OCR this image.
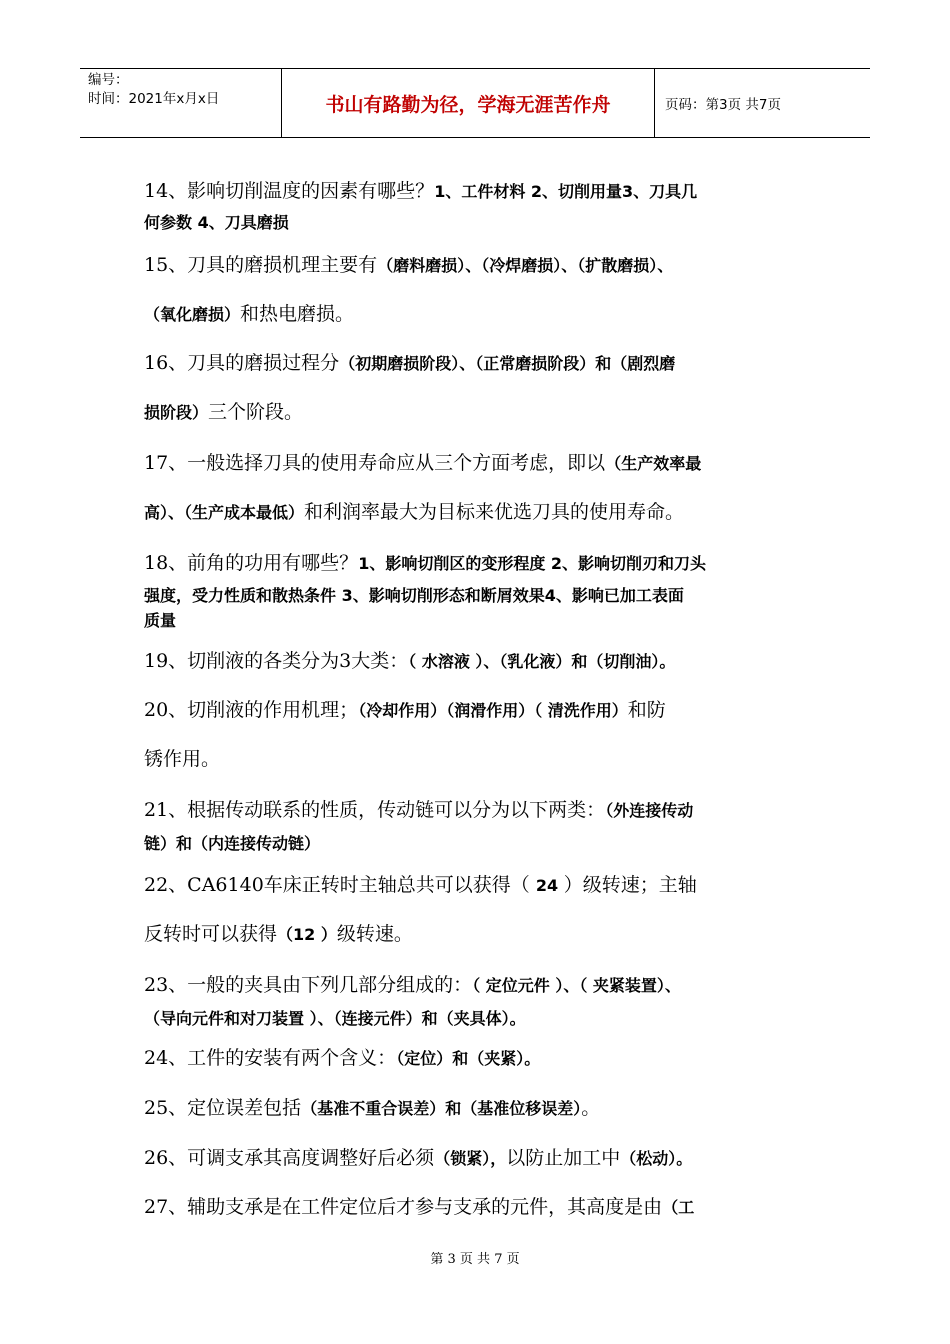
编号：
时间：2021年x月x日	书山有路勤为径，学海无涯苦作舟	页码：第3页 共7页
14、影响切削温度的因素有哪些？1、工件材料 2、切削用量3、刀具几
何参数 4、刀具磨损
15、刀具的磨损机理主要有（磨料磨损）、（冷焊磨损）、（扩散磨损）、
（氧化磨损）和热电磨损。
16、刀具的磨损过程分（初期磨损阶段）、（正常磨损阶段）和（剧烈磨
损阶段）三个阶段。
17、一般选择刀具的使用寿命应从三个方面考虑，即以（生产效率最
高）、（生产成本最低）和利润率最大为目标来优选刀具的使用寿命。
18、前角的功用有哪些？1、影响切削区的变形程度 2、影响切削刃和刀头
强度，受力性质和散热条件 3、影响切削形态和断屑效果4、影响已加工表面
质量
19、切削液的各类分为3大类：（ 水溶液 ）、（乳化液）和（切削油）。
20、切削液的作用机理；（冷却作用）（润滑作用）（ 清洗作用）和防
锈作用。
21、根据传动联系的性质，传动链可以分为以下两类：（外连接传动
链）和（内连接传动链）
22、CA6140车床正转时主轴总共可以获得（ 24 ）级转速；主轴
反转时可以获得（12 ）级转速。
23、一般的夹具由下列几部分组成的：（ 定位元件 ）、（ 夹紧装置）、
（导向元件和对刀装置 ）、（连接元件）和（夹具体）。
24、工件的安装有两个含义：（定位）和（夹紧）。
25、定位误差包括（基准不重合误差）和（基准位移误差）。
26、可调支承其高度调整好后必须（锁紧），以防止加工中（松动）。
27、辅助支承是在工件定位后才参与支承的元件，其高度是由（工
第 3 页 共 7 页
